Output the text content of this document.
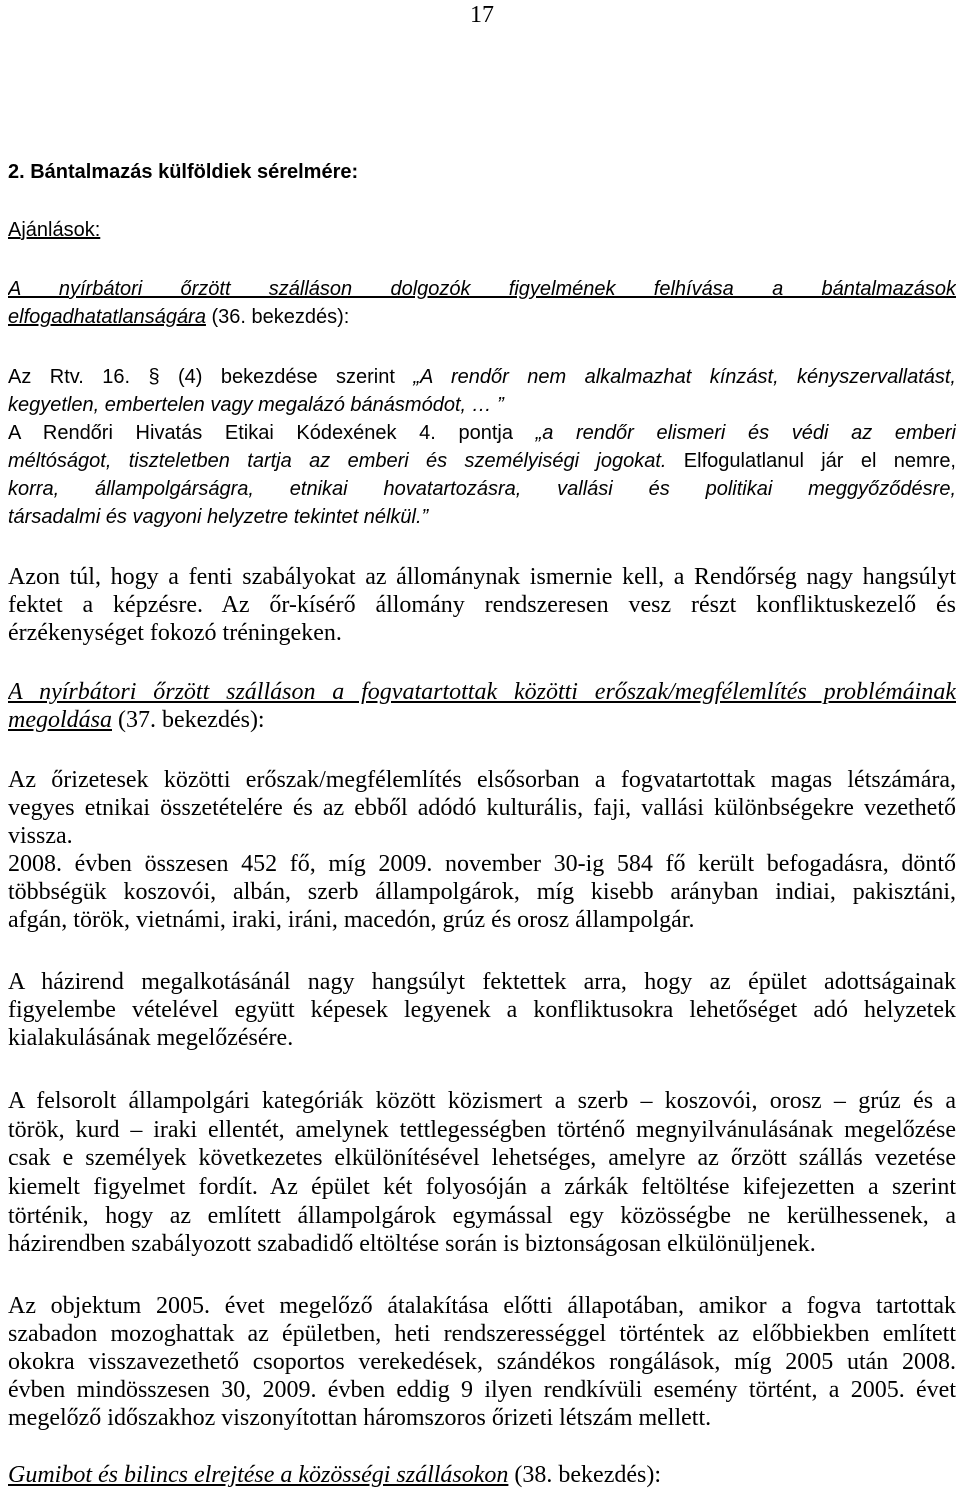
17
2. Bántalmazás külföldiek sérelmére:
Ajánlások:
A nyírbátori őrzött szálláson dolgozók figyelmének felhívása a bántalmazások
elfogadhatatlanságára (36. bekezdés):
Az Rtv. 16. § (4) bekezdése szerint „A rendőr nem alkalmazhat kínzást, kényszervallatást,
kegyetlen, embertelen vagy megalázó bánásmódot, … ”
A Rendőri Hivatás Etikai Kódexének 4. pontja „a rendőr elismeri és védi az emberi
méltóságot, tiszteletben tartja az emberi és személyiségi jogokat. Elfogulatlanul jár el nemre,
korra, állampolgárságra, etnikai hovatartozásra, vallási és politikai meggyőződésre,
társadalmi és vagyoni helyzetre tekintet nélkül.”
Azon túl, hogy a fenti szabályokat az állománynak ismernie kell, a Rendőrség nagy hangsúlyt
fektet a képzésre. Az őr-kísérő állomány rendszeresen vesz részt konfliktuskezelő és
érzékenységet fokozó tréningeken.
A nyírbátori őrzött szálláson a fogvatartottak közötti erőszak/megfélemlítés problémáinak
megoldása (37. bekezdés):
Az őrizetesek közötti erőszak/megfélemlítés elsősorban a fogvatartottak magas létszámára,
vegyes etnikai összetételére és az ebből adódó kulturális, faji, vallási különbségekre vezethető
vissza.
2008. évben összesen 452 fő, míg 2009. november 30-ig 584 fő került befogadásra, döntő
többségük koszovói, albán, szerb állampolgárok, míg kisebb arányban indiai, pakisztáni,
afgán, török, vietnámi, iraki, iráni, macedón, grúz és orosz állampolgár.
A házirend megalkotásánál nagy hangsúlyt fektettek arra, hogy az épület adottságainak
figyelembe vételével együtt képesek legyenek a konfliktusokra lehetőséget adó helyzetek
kialakulásának megelőzésére.
A felsorolt állampolgári kategóriák között közismert a szerb – koszovói, orosz – grúz és a
török, kurd – iraki ellentét, amelynek tettlegességben történő megnyilvánulásának megelőzése
csak e személyek következetes elkülönítésével lehetséges, amelyre az őrzött szállás vezetése
kiemelt figyelmet fordít. Az épület két folyosóján a zárkák feltöltése kifejezetten a szerint
történik, hogy az említett állampolgárok egymással egy közösségbe ne kerülhessenek, a
házirendben szabályozott szabadidő eltöltése során is biztonságosan elkülönüljenek.
Az objektum 2005. évet megelőző átalakítása előtti állapotában, amikor a fogva tartottak
szabadon mozoghattak az épületben, heti rendszerességgel történtek az előbbiekben említett
okokra visszavezethető csoportos verekedések, szándékos rongálások, míg 2005 után 2008.
évben mindösszesen 30, 2009. évben eddig 9 ilyen rendkívüli esemény történt, a 2005. évet
megelőző időszakhoz viszonyítottan háromszoros őrizeti létszám mellett.
Gumibot és bilincs elrejtése a közösségi szállásokon (38. bekezdés):
